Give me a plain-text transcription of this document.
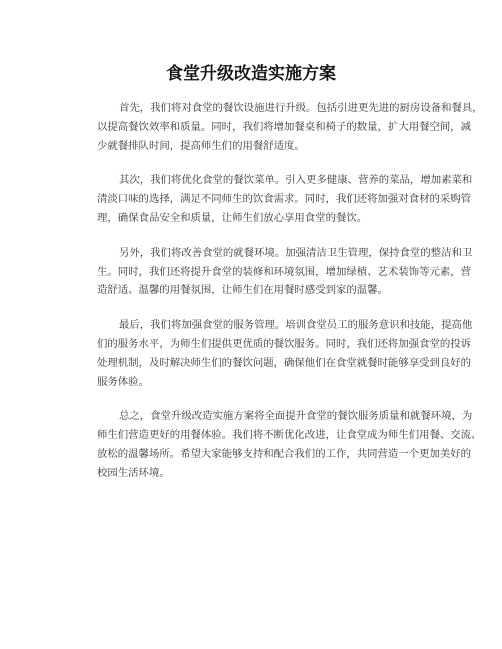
食堂升级改造实施方案

首先，我们将对食堂的餐饮设施进行升级。包括引进更先进的厨房设备和餐具，
以提高餐饮效率和质量。同时，我们将增加餐桌和椅子的数量，扩大用餐空间，减
少就餐排队时间，提高师生们的用餐舒适度。

其次，我们将优化食堂的餐饮菜单。引入更多健康、营养的菜品，增加素菜和
清淡口味的选择，满足不同师生的饮食需求。同时，我们还将加强对食材的采购管
理，确保食品安全和质量，让师生们放心享用食堂的餐饮。

另外，我们将改善食堂的就餐环境。加强清洁卫生管理，保持食堂的整洁和卫
生。同时，我们还将提升食堂的装修和环境氛围，增加绿植、艺术装饰等元素，营
造舒适、温馨的用餐氛围，让师生们在用餐时感受到家的温馨。

最后，我们将加强食堂的服务管理。培训食堂员工的服务意识和技能，提高他
们的服务水平，为师生们提供更优质的餐饮服务。同时，我们还将加强食堂的投诉
处理机制，及时解决师生们的餐饮问题，确保他们在食堂就餐时能够享受到良好的
服务体验。

总之，食堂升级改造实施方案将全面提升食堂的餐饮服务质量和就餐环境，为
师生们营造更好的用餐体验。我们将不断优化改进，让食堂成为师生们用餐、交流、
放松的温馨场所。希望大家能够支持和配合我们的工作，共同营造一个更加美好的
校园生活环境。
